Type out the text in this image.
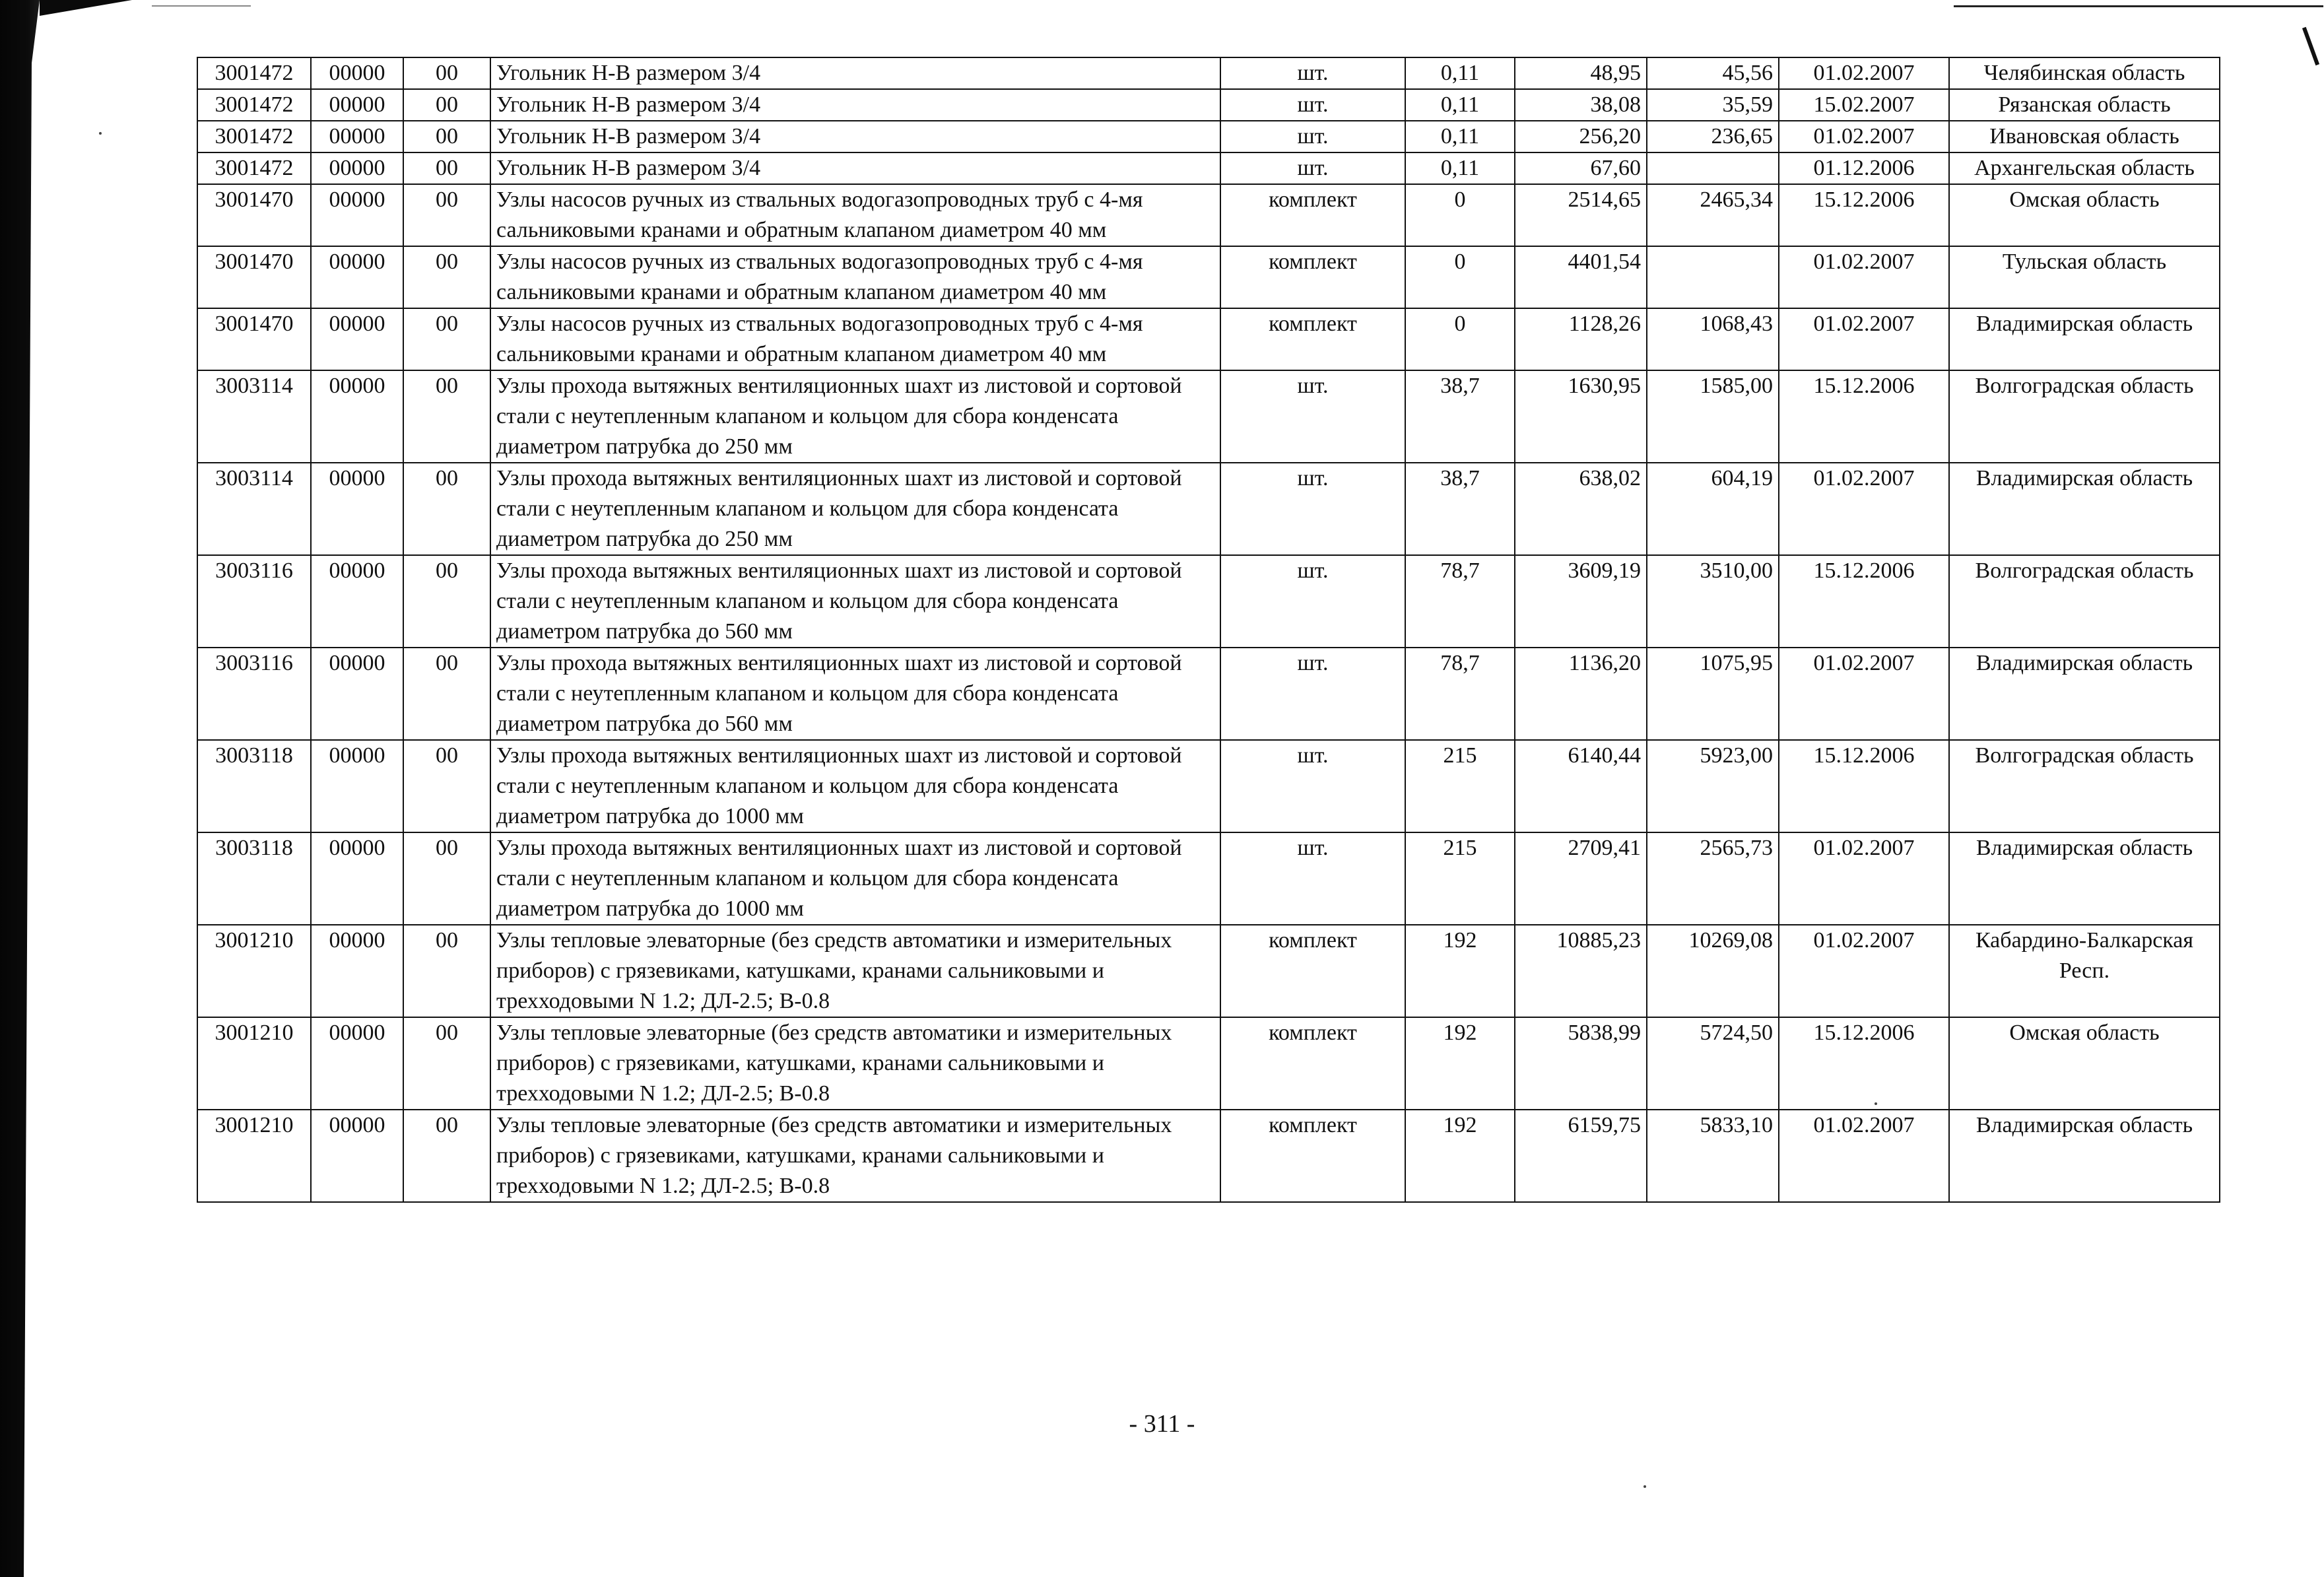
3001472	00000	00	Угольник Н-В размером 3/4	шт.	0,11	48,95	45,56	01.02.2007	Челябинская область
3001472	00000	00	Угольник Н-В размером 3/4	шт.	0,11	38,08	35,59	15.02.2007	Рязанская область
3001472	00000	00	Угольник Н-В размером 3/4	шт.	0,11	256,20	236,65	01.02.2007	Ивановская область
3001472	00000	00	Угольник Н-В размером 3/4	шт.	0,11	67,60		01.12.2006	Архангельская область
3001470	00000	00	Узлы насосов ручных из ствальных водогазопроводных труб с 4-мя сальниковыми кранами и обратным клапаном диаметром 40 мм	комплект	0	2514,65	2465,34	15.12.2006	Омская область
3001470	00000	00	Узлы насосов ручных из ствальных водогазопроводных труб с 4-мя сальниковыми кранами и обратным клапаном диаметром 40 мм	комплект	0	4401,54		01.02.2007	Тульская область
3001470	00000	00	Узлы насосов ручных из ствальных водогазопроводных труб с 4-мя сальниковыми кранами и обратным клапаном диаметром 40 мм	комплект	0	1128,26	1068,43	01.02.2007	Владимирская область
3003114	00000	00	Узлы прохода вытяжных вентиляционных шахт из листовой и сортовой стали с неутепленным клапаном и кольцом для сбора конденсата диаметром патрубка до 250 мм	шт.	38,7	1630,95	1585,00	15.12.2006	Волгоградская область
3003114	00000	00	Узлы прохода вытяжных вентиляционных шахт из листовой и сортовой стали с неутепленным клапаном и кольцом для сбора конденсата диаметром патрубка до 250 мм	шт.	38,7	638,02	604,19	01.02.2007	Владимирская область
3003116	00000	00	Узлы прохода вытяжных вентиляционных шахт из листовой и сортовой стали с неутепленным клапаном и кольцом для сбора конденсата диаметром патрубка до 560 мм	шт.	78,7	3609,19	3510,00	15.12.2006	Волгоградская область
3003116	00000	00	Узлы прохода вытяжных вентиляционных шахт из листовой и сортовой стали с неутепленным клапаном и кольцом для сбора конденсата диаметром патрубка до 560 мм	шт.	78,7	1136,20	1075,95	01.02.2007	Владимирская область
3003118	00000	00	Узлы прохода вытяжных вентиляционных шахт из листовой и сортовой стали с неутепленным клапаном и кольцом для сбора конденсата диаметром патрубка до 1000 мм	шт.	215	6140,44	5923,00	15.12.2006	Волгоградская область
3003118	00000	00	Узлы прохода вытяжных вентиляционных шахт из листовой и сортовой стали с неутепленным клапаном и кольцом для сбора конденсата диаметром патрубка до 1000 мм	шт.	215	2709,41	2565,73	01.02.2007	Владимирская область
3001210	00000	00	Узлы тепловые элеваторные (без средств автоматики и измерительных приборов) с грязевиками, катушками, кранами сальниковыми и трехходовыми N 1.2; ДЛ-2.5; В-0.8	комплект	192	10885,23	10269,08	01.02.2007	Кабардино-Балкарская Респ.
3001210	00000	00	Узлы тепловые элеваторные (без средств автоматики и измерительных приборов) с грязевиками, катушками, кранами сальниковыми и трехходовыми N 1.2; ДЛ-2.5; В-0.8	комплект	192	5838,99	5724,50	15.12.2006	Омская область
3001210	00000	00	Узлы тепловые элеваторные (без средств автоматики и измерительных приборов) с грязевиками, катушками, кранами сальниковыми и трехходовыми N 1.2; ДЛ-2.5; В-0.8	комплект	192	6159,75	5833,10	01.02.2007	Владимирская область
- 311 -
